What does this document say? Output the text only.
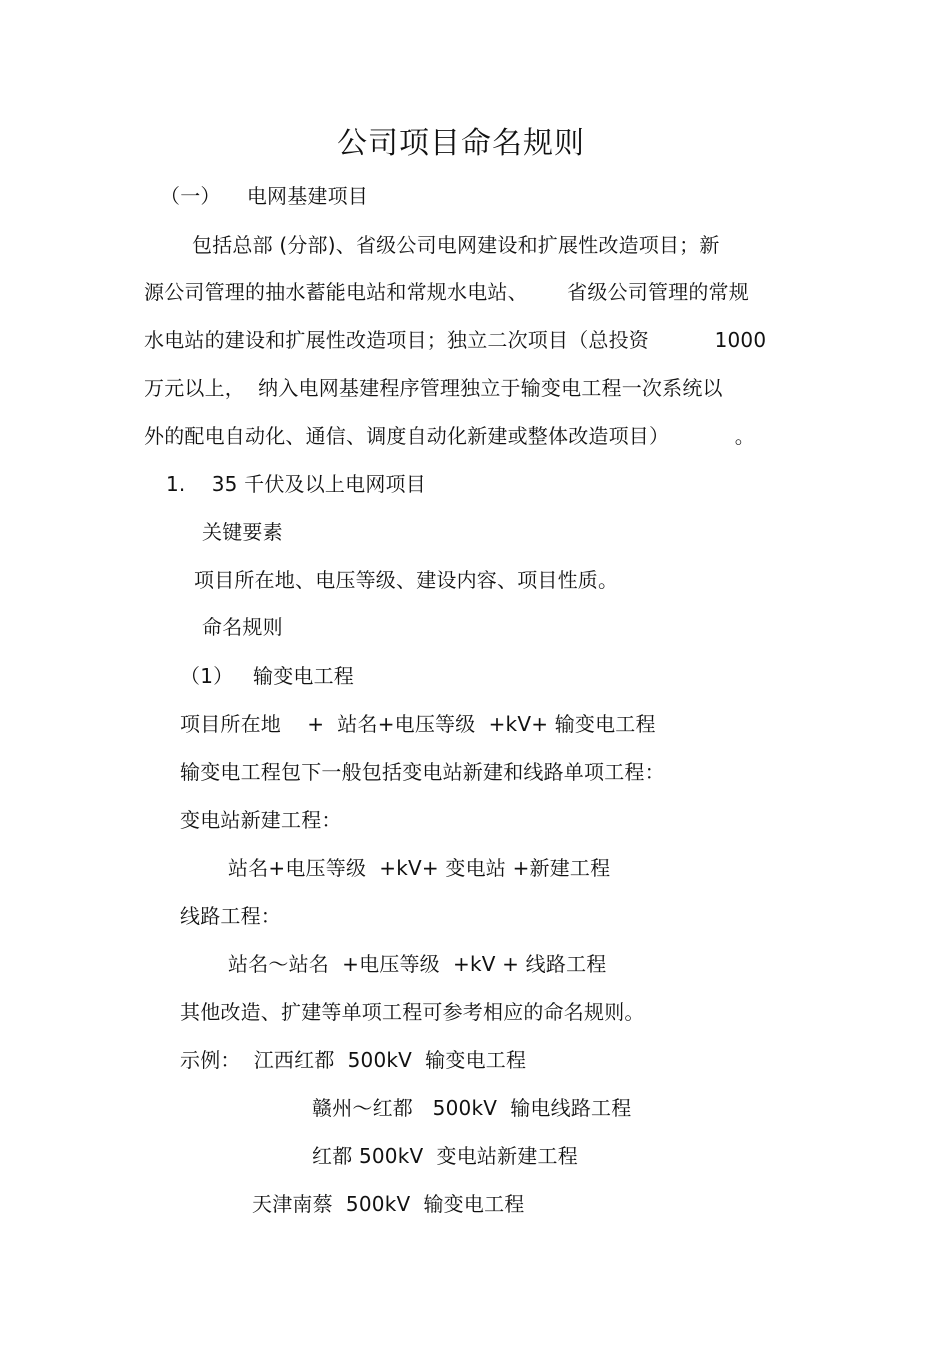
公司项目命名规则
（一）    电网基建项目
包括总部 (分部)、省级公司电网建设和扩展性改造项目；新
源公司管理的抽水蓄能电站和常规水电站、      省级公司管理的常规
水电站的建设和扩展性改造项目；独立二次项目（总投资          1000
万元以上，  纳入电网基建程序管理独立于输变电工程一次系统以
外的配电自动化、通信、调度自动化新建或整体改造项目）          。
1.    35 千伏及以上电网项目
关键要素
项目所在地、电压等级、建设内容、项目性质。
命名规则
（1）   输变电工程
项目所在地    +  站名+电压等级  +kV+ 输变电工程
输变电工程包下一般包括变电站新建和线路单项工程：
变电站新建工程：
站名+电压等级  +kV+ 变电站 +新建工程
线路工程：
站名～站名  +电压等级  +kV + 线路工程
其他改造、扩建等单项工程可参考相应的命名规则。
示例：  江西红都  500kV  输变电工程
赣州～红都   500kV  输电线路工程
红都 500kV  变电站新建工程
天津南蔡  500kV  输变电工程
